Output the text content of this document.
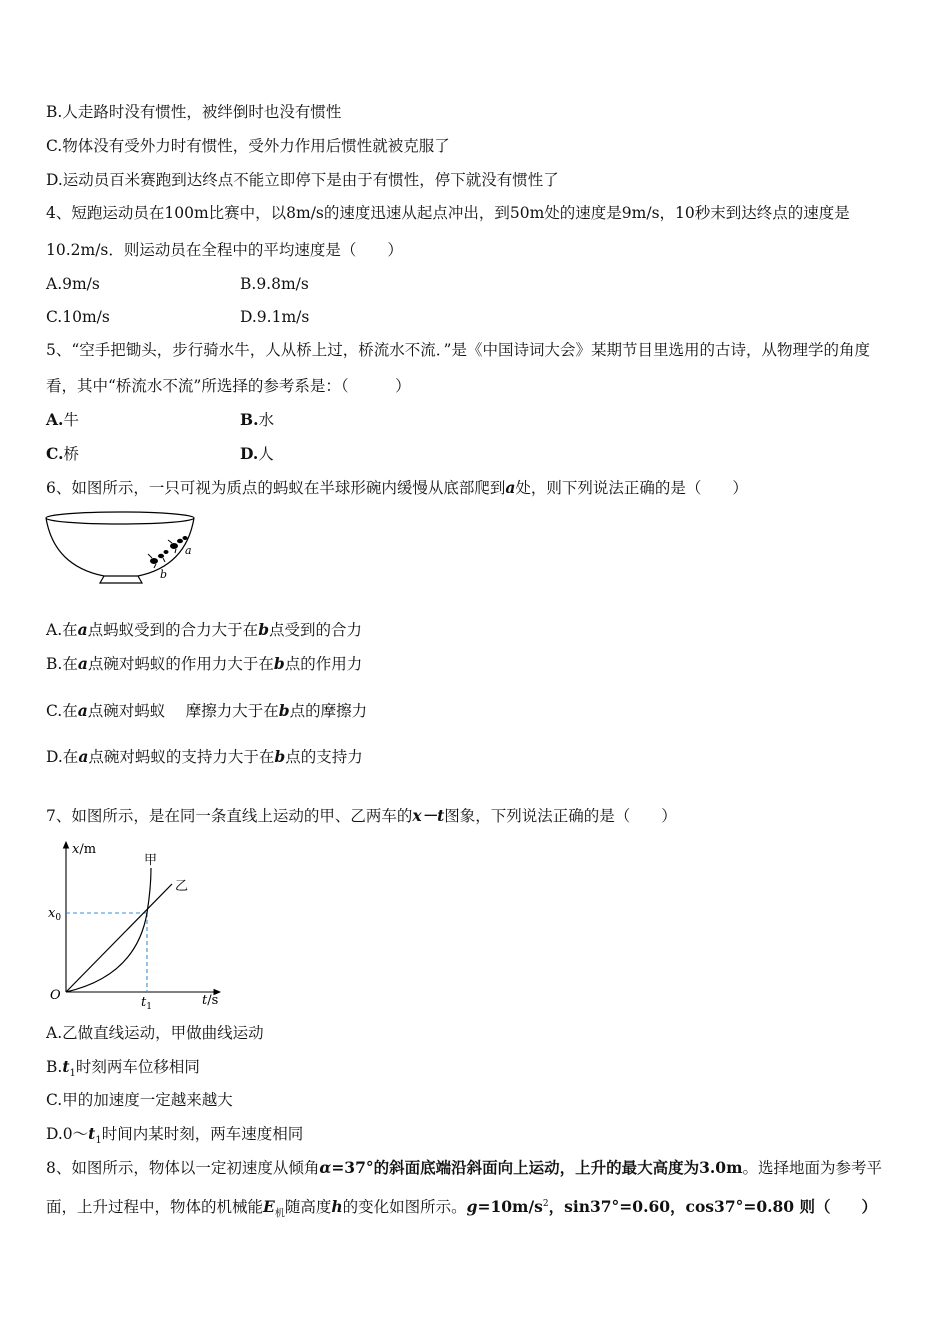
B.人走路时没有惯性，被绊倒时也没有惯性
C.物体没有受外力时有惯性，受外力作用后惯性就被克服了
D.运动员百米赛跑到达终点不能立即停下是由于有惯性，停下就没有惯性了
4、短跑运动员在100m比赛中，以8m/s的速度迅速从起点冲出，到50m处的速度是9m/s，10秒末到达终点的速度是
10.2m/s．则运动员在全程中的平均速度是（　　）
A.9m/s	B.9.8m/s
C.10m/s	D.9.1m/s
5、“空手把锄头，步行骑水牛，人从桥上过，桥流水不流．”是《中国诗词大会》某期节目里选用的古诗，从物理学的角度
看，其中“桥流水不流”所选择的参考系是：（　　　）
A.牛	B.水
C.桥	D.人
6、如图所示，一只可视为质点的蚂蚁在半球形碗内缓慢从底部爬到a处，则下列说法正确的是（　　）
a
b
A.在a点蚂蚁受到的合力大于在b点受到的合力
B.在a点碗对蚂蚁的作用力大于在b点的作用力
C.在a点碗对蚂蚁　 摩擦力大于在b点的摩擦力
D.在a点碗对蚂蚁的支持力大于在b点的支持力
7、如图所示，是在同一条直线上运动的甲、乙两车的x－t图象，下列说法正确的是（　　）
x/m
t/s
O
$x_0$
$t_1$
甲
乙
A.乙做直线运动，甲做曲线运动
$B.t_1$时刻两车位移相同
C.甲的加速度一定越来越大
$D.0\sim t_1$时间内某时刻，两车速度相同
8、如图所示，物体以一定初速度从倾角α=37°的斜面底端沿斜面向上运动，上升的最大高度为3.0m。选择地面为参考平
面，上升过程中，物体的机械能$E_机$随高度h的变化如图所示。$g=10m/s^2$，sin37°=0.60，cos37°=0.80 则（　　）
